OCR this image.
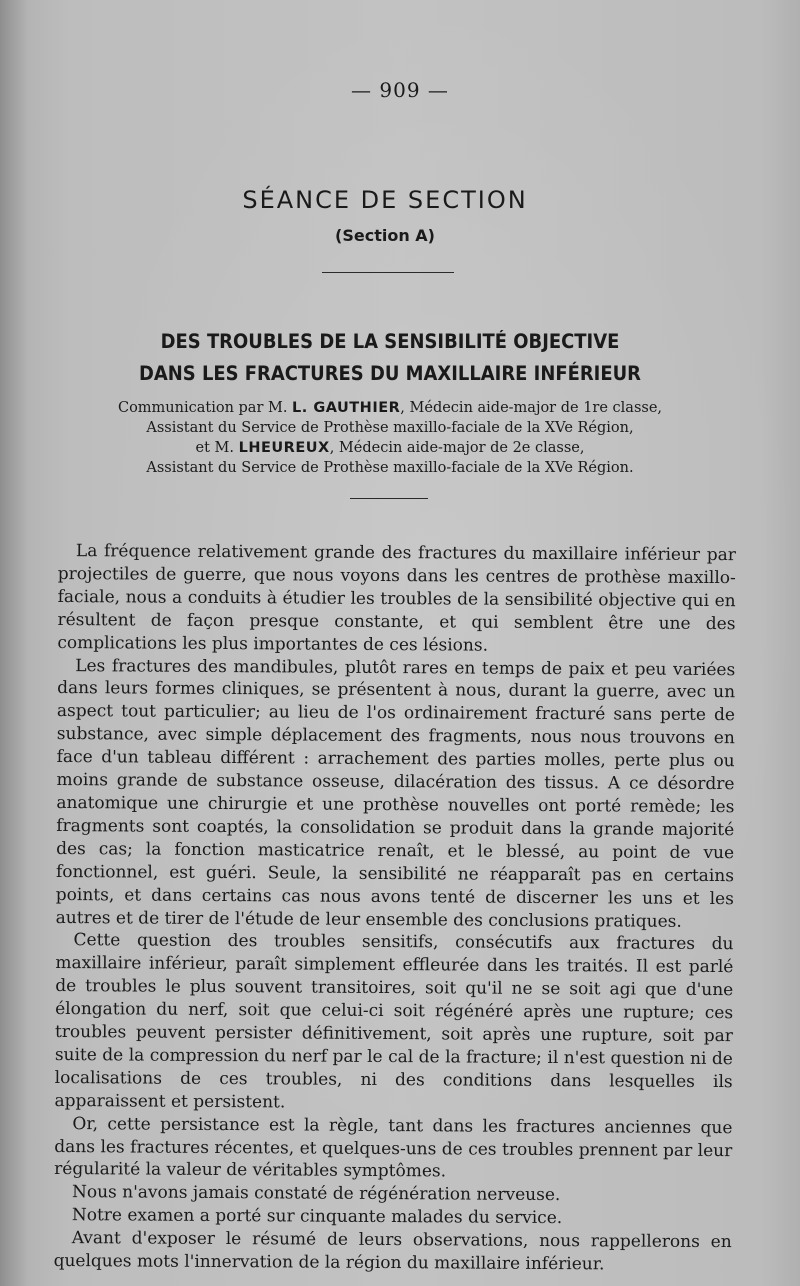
— 909 —
SÉANCE DE SECTION
(Section A)
DES TROUBLES DE LA SENSIBILITÉ OBJECTIVE
DANS LES FRACTURES DU MAXILLAIRE INFÉRIEUR
Communication par M. L. GAUTHIER, Médecin aide-major de 1re classe,
Assistant du Service de Prothèse maxillo-faciale de la XVe Région,
et M. LHEUREUX, Médecin aide-major de 2e classe,
Assistant du Service de Prothèse maxillo-faciale de la XVe Région.

La fréquence relativement grande des fractures du maxillaire inférieur par projectiles de guerre, que nous voyons dans les centres de prothèse maxillo-faciale, nous a conduits à étudier les troubles de la sensibilité objective qui en résultent de façon presque constante, et qui semblent être une des complications les plus importantes de ces lésions.

Les fractures des mandibules, plutôt rares en temps de paix et peu variées dans leurs formes cliniques, se présentent à nous, durant la guerre, avec un aspect tout particulier; au lieu de l'os ordinairement fracturé sans perte de substance, avec simple déplacement des fragments, nous nous trouvons en face d'un tableau différent : arrachement des parties molles, perte plus ou moins grande de substance osseuse, dilacération des tissus. A ce désordre anatomique une chirurgie et une prothèse nouvelles ont porté remède; les fragments sont coaptés, la consolidation se produit dans la grande majorité des cas; la fonction masticatrice renaît, et le blessé, au point de vue fonctionnel, est guéri. Seule, la sensibilité ne réapparaît pas en certains points, et dans certains cas nous avons tenté de discerner les uns et les autres et de tirer de l'étude de leur ensemble des conclusions pratiques.

Cette question des troubles sensitifs, consécutifs aux fractures du maxillaire inférieur, paraît simplement effleurée dans les traités. Il est parlé de troubles le plus souvent transitoires, soit qu'il ne se soit agi que d'une élongation du nerf, soit que celui-ci soit régénéré après une rupture; ces troubles peuvent persister définitivement, soit après une rupture, soit par suite de la compression du nerf par le cal de la fracture; il n'est question ni de localisations de ces troubles, ni des conditions dans lesquelles ils apparaissent et persistent.

Or, cette persistance est la règle, tant dans les fractures anciennes que dans les fractures récentes, et quelques-uns de ces troubles prennent par leur régularité la valeur de véritables symptômes.

Nous n'avons jamais constaté de régénération nerveuse.

Notre examen a porté sur cinquante malades du service.

Avant d'exposer le résumé de leurs observations, nous rappellerons en quelques mots l'innervation de la région du maxillaire inférieur.
